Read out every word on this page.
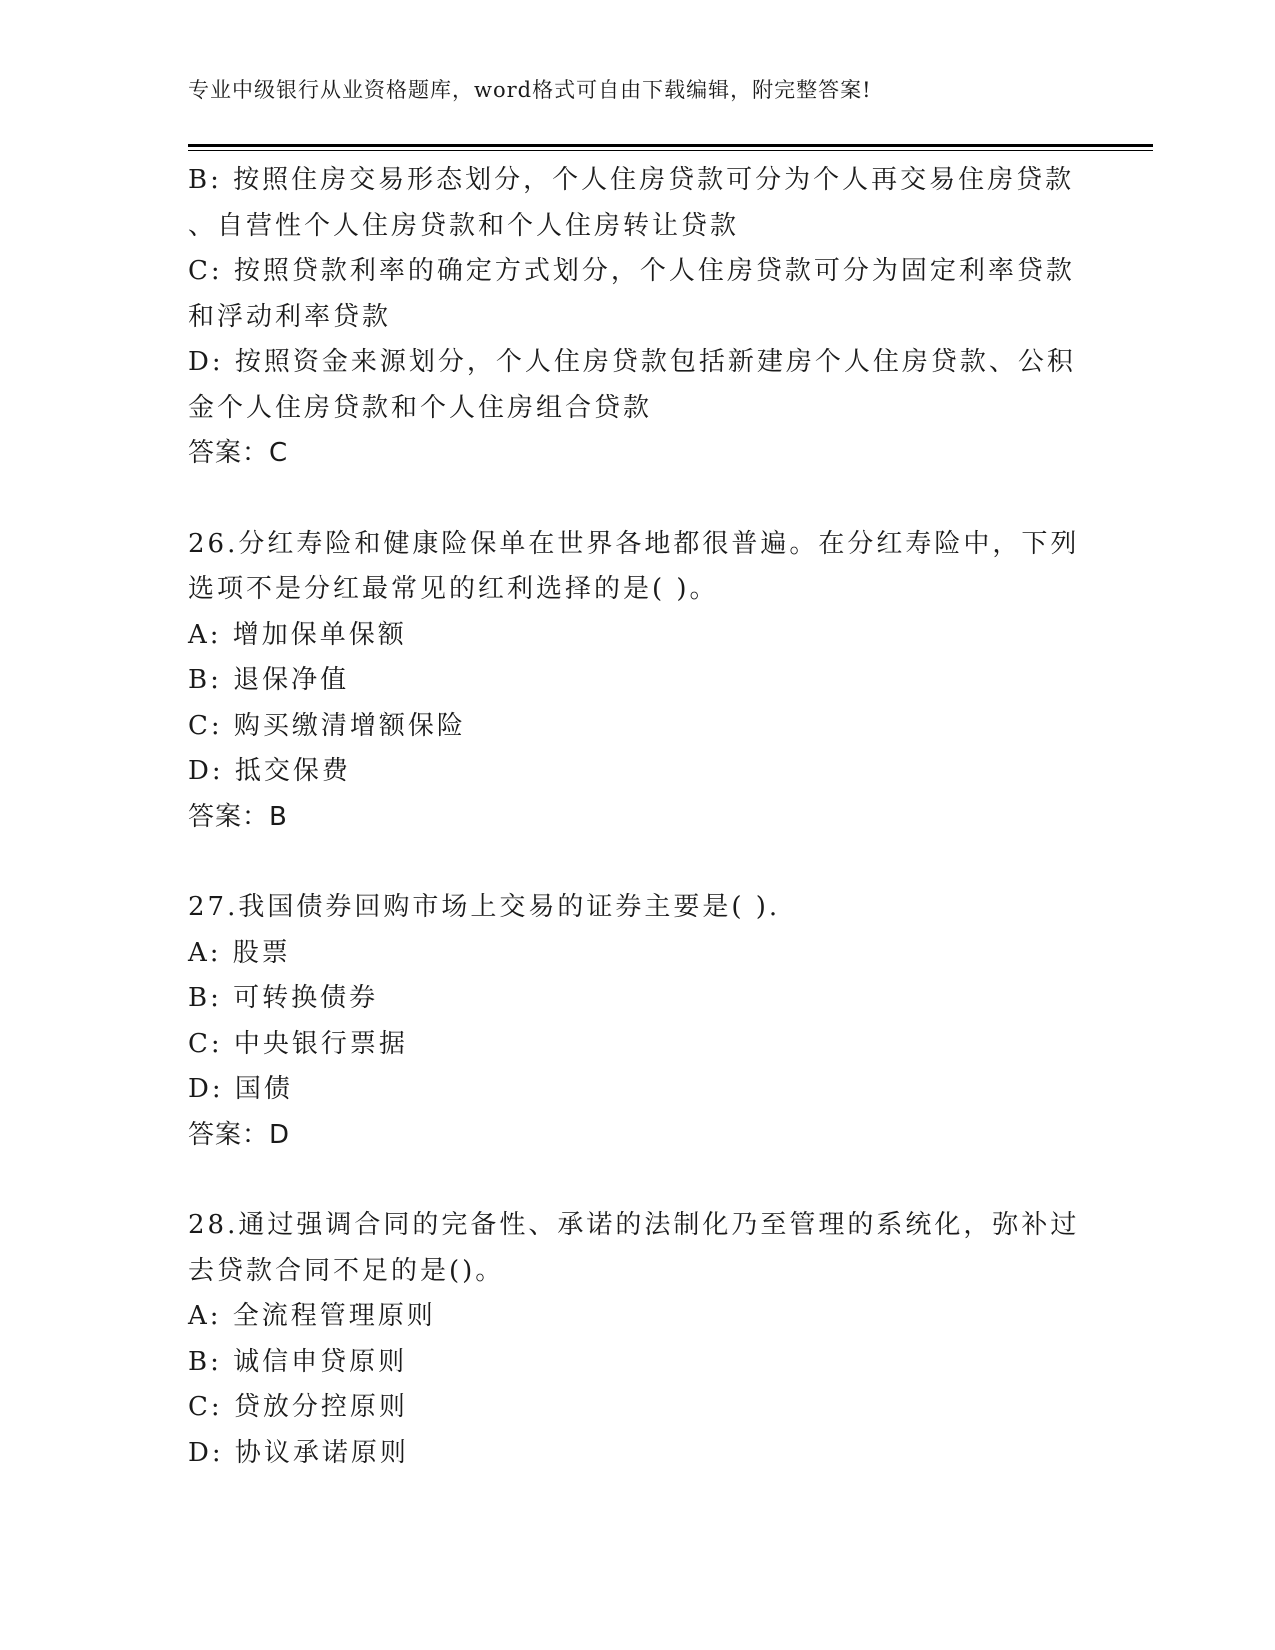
专业中级银行从业资格题库，word格式可自由下载编辑，附完整答案!
B: 按照住房交易形态划分，个人住房贷款可分为个人再交易住房贷款
、自营性个人住房贷款和个人住房转让贷款
C: 按照贷款利率的确定方式划分，个人住房贷款可分为固定利率贷款
和浮动利率贷款
D: 按照资金来源划分，个人住房贷款包括新建房个人住房贷款、公积
金个人住房贷款和个人住房组合贷款
答案：C
26.分红寿险和健康险保单在世界各地都很普遍。在分红寿险中，下列
选项不是分红最常见的红利选择的是( )。
A: 增加保单保额
B: 退保净值
C: 购买缴清增额保险
D: 抵交保费
答案：B
27.我国债券回购市场上交易的证券主要是( ).
A: 股票
B: 可转换债券
C: 中央银行票据
D: 国债
答案：D
28.通过强调合同的完备性、承诺的法制化乃至管理的系统化，弥补过
去贷款合同不足的是()。
A: 全流程管理原则
B: 诚信申贷原则
C: 贷放分控原则
D: 协议承诺原则
